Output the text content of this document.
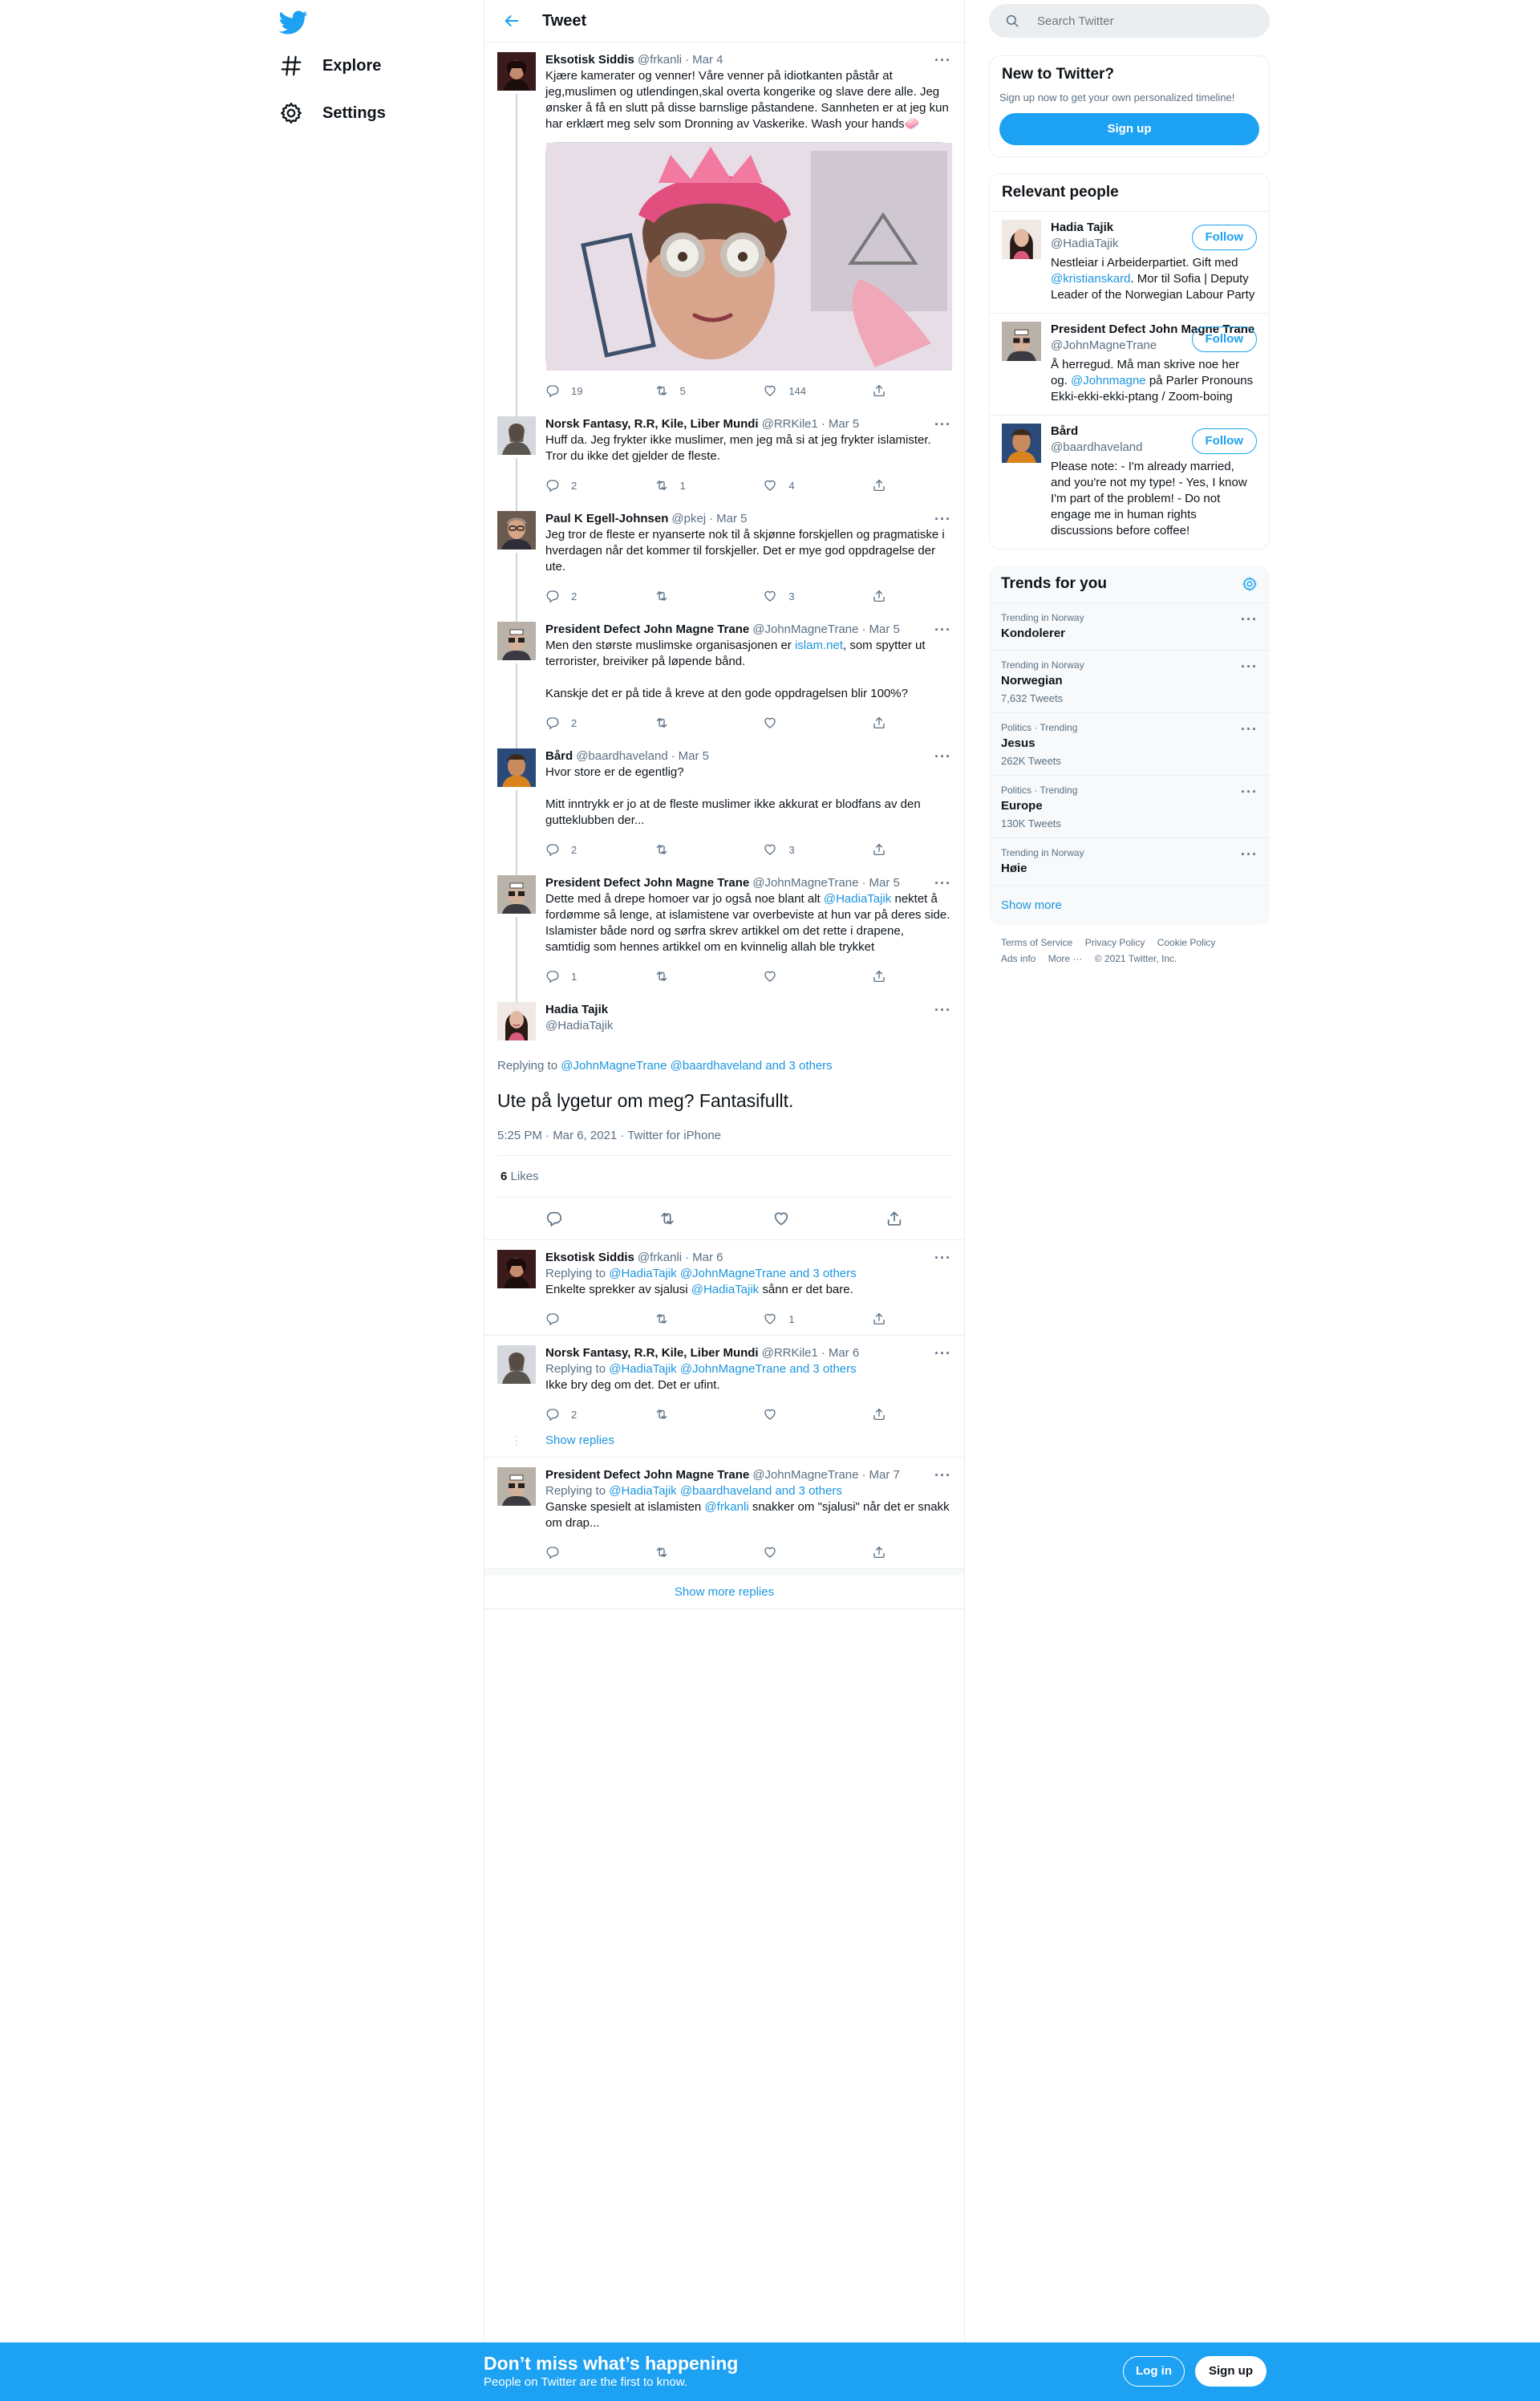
Explore
Settings
Tweet
Eksotisk Siddis @frkanli · Mar 4	···
Kjære kamerater og venner! Våre venner på idiotkanten påstår at jeg,muslimen og utlendingen,skal overta kongerike og slave dere alle. Jeg ønsker å få en slutt på disse barnslige påstandene. Sannheten er at jeg kun har erklært meg selv som Dronning av Vaskerike. Wash your hands🧼
19	5	144
Norsk Fantasy, R.R, Kile, Liber Mundi @RRKile1 · Mar 5	···
Huff da. Jeg frykter ikke muslimer, men jeg må si at jeg frykter islamister. Tror du ikke det gjelder de fleste.
2	1	4
Paul K Egell-Johnsen @pkej · Mar 5	···
Jeg tror de fleste er nyanserte nok til å skjønne forskjellen og pragmatiske i hverdagen når det kommer til forskjeller. Det er mye god oppdragelse der ute.
2	3
President Defect John Magne Trane @JohnMagneTrane · Mar 5 ···
Men den største muslimske organisasjonen er islam.net, som spytter ut terrorister, breiviker på løpende bånd.

Kanskje det er på tide å kreve at den gode oppdragelsen blir 100%?
2
Bård @baardhaveland · Mar 5	···
Hvor store er de egentlig?

Mitt inntrykk er jo at de fleste muslimer ikke akkurat er blodfans av den gutteklubben der...
2	3
President Defect John Magne Trane @JohnMagneTrane · Mar 5 ···
Dette med å drepe homoer var jo også noe blant alt @HadiaTajik nektet å fordømme så lenge, at islamistene var overbeviste at hun var på deres side. Islamister både nord og sørfra skrev artikkel om det rette i drapene, samtidig som hennes artikkel om en kvinnelig allah ble trykket
1
Hadia Tajik
@HadiaTajik
···
Replying to @JohnMagneTrane @baardhaveland and 3 others
Ute på lygetur om meg? Fantasifullt.
5:25 PM · Mar 6, 2021 · Twitter for iPhone
6 Likes
Eksotisk Siddis @frkanli · Mar 6	···
Replying to @HadiaTajik @JohnMagneTrane and 3 others
Enkelte sprekker av sjalusi @HadiaTajik sånn er det bare.
1
Norsk Fantasy, R.R, Kile, Liber Mundi @RRKile1 · Mar 6	···
Replying to @HadiaTajik @JohnMagneTrane and 3 others
Ikke bry deg om det. Det er ufint.
2
Show replies
President Defect John Magne Trane @JohnMagneTrane · Mar 7 ···
Replying to @HadiaTajik @baardhaveland and 3 others
Ganske spesielt at islamisten @frkanli snakker om "sjalusi" når det er snakk om drap...
Show more replies
Search Twitter
New to Twitter?
Sign up now to get your own personalized timeline!
Sign up
Relevant people
Hadia Tajik
@HadiaTajik	Follow
Nestleiar i Arbeiderpartiet. Gift med @kristianskard. Mor til Sofia | Deputy Leader of the Norwegian Labour Party
President Defect John Magne Trane
@JohnMagneTrane	Follow
Å herregud. Må man skrive noe her og. @Johnmagne på Parler Pronouns Ekki-ekki-ekki-ptang / Zoom-boing
Bård
@baardhaveland	Follow
Please note: - I'm already married, and you're not my type! - Yes, I know I'm part of the problem! - Do not engage me in human rights discussions before coffee!
Trends for you
Trending in Norway
Kondolerer
···
Trending in Norway
Norwegian
7,632 Tweets
···
Politics · Trending
Jesus
262K Tweets
···
Politics · Trending
Europe
130K Tweets
···
Trending in Norway
Høie
···
Show more
Terms of Service Privacy Policy Cookie Policy
Ads info More ··· © 2021 Twitter, Inc.
Don’t miss what’s happening
People on Twitter are the first to know.
Log in	Sign up
